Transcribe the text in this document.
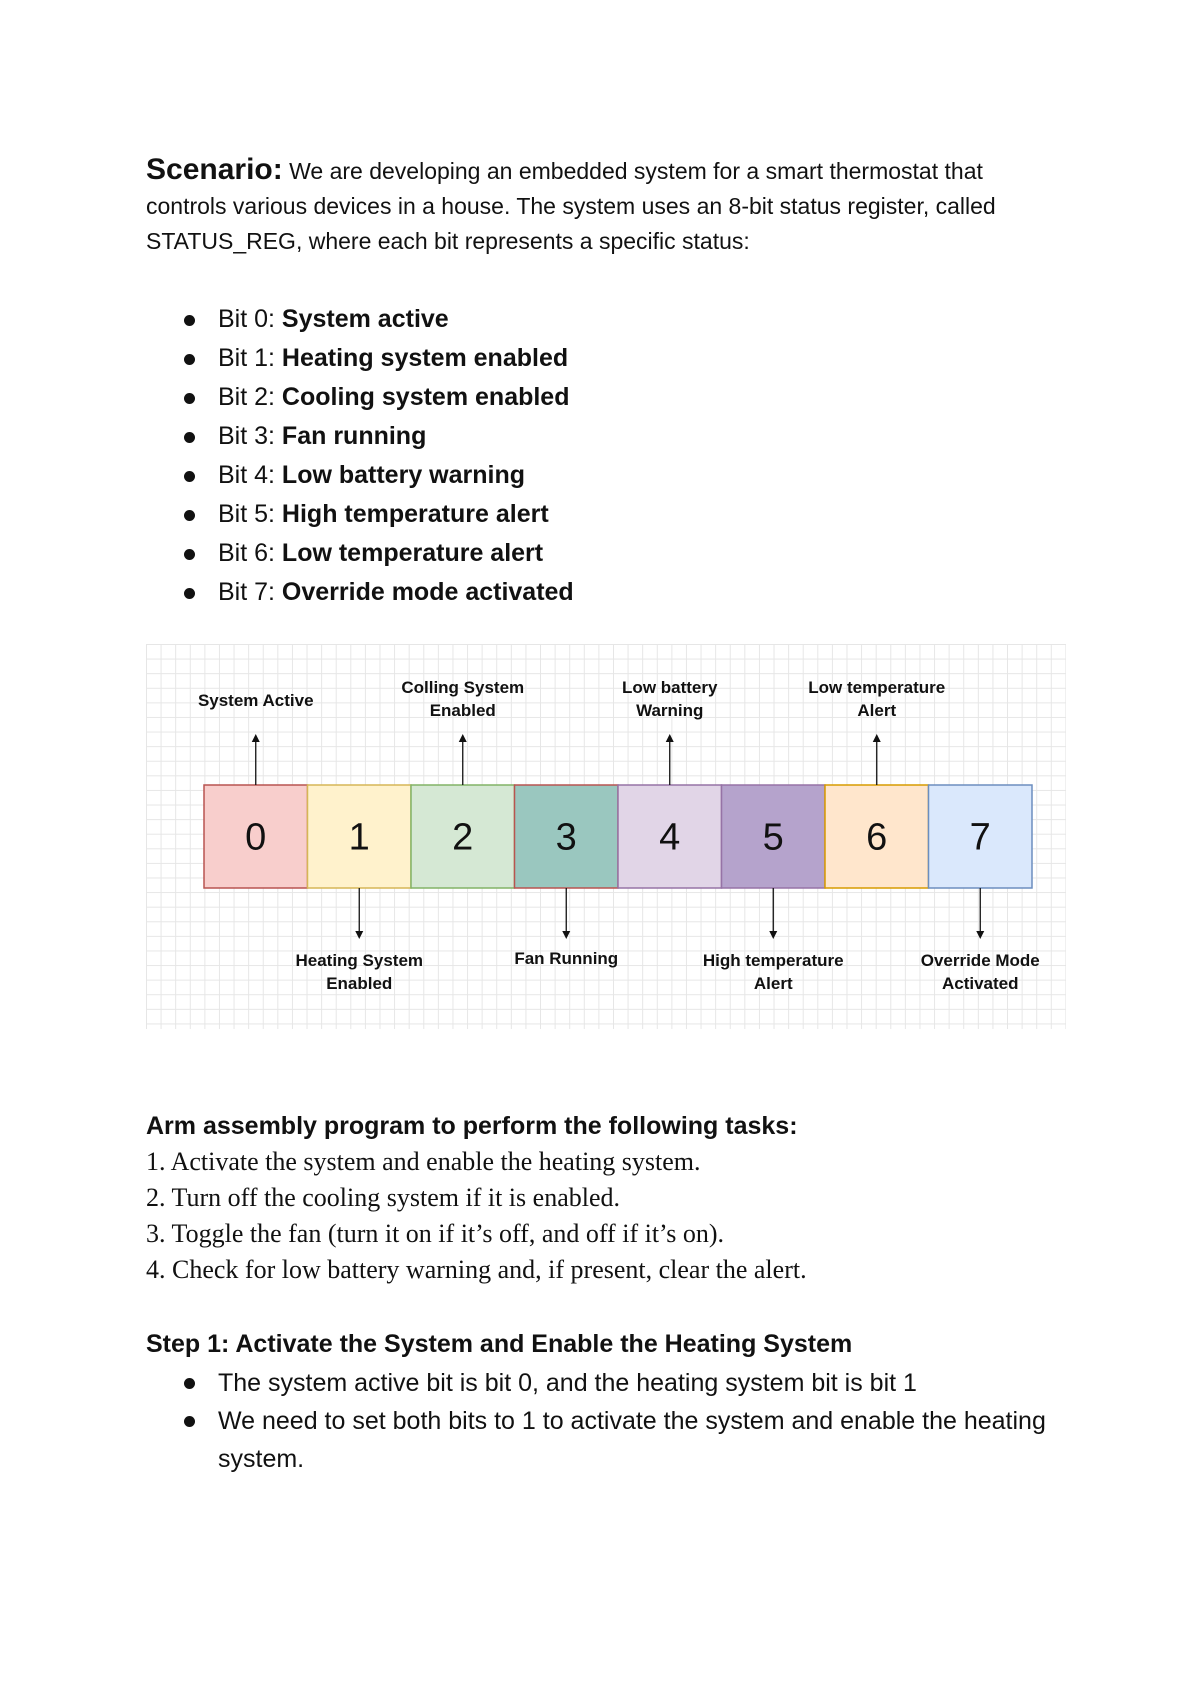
Scenario: We are developing an embedded system for a smart thermostat that controls various devices in a house. The system uses an 8-bit status register, called STATUS_REG, where each bit represents a specific status:
Bit 0: System active
Bit 1: Heating system enabled
Bit 2: Cooling system enabled
Bit 3: Fan running
Bit 4: Low battery warning
Bit 5: High temperature alert
Bit 6: Low temperature alert
Bit 7: Override mode activated
0
System Active
1
Heating System
Enabled
2
Colling System
Enabled
3
Fan Running
4
Low battery
Warning
5
High temperature
Alert
6
Low temperature
Alert
7
Override Mode
Activated
Arm assembly program to perform the following tasks:
1. Activate the system and enable the heating system.
2. Turn off the cooling system if it is enabled.
3. Toggle the fan (turn it on if it’s off, and off if it’s on).
4. Check for low battery warning and, if present, clear the alert.
Step 1: Activate the System and Enable the Heating System
The system active bit is bit 0, and the heating system bit is bit 1
We need to set both bits to 1 to activate the system and enable the heating system.
